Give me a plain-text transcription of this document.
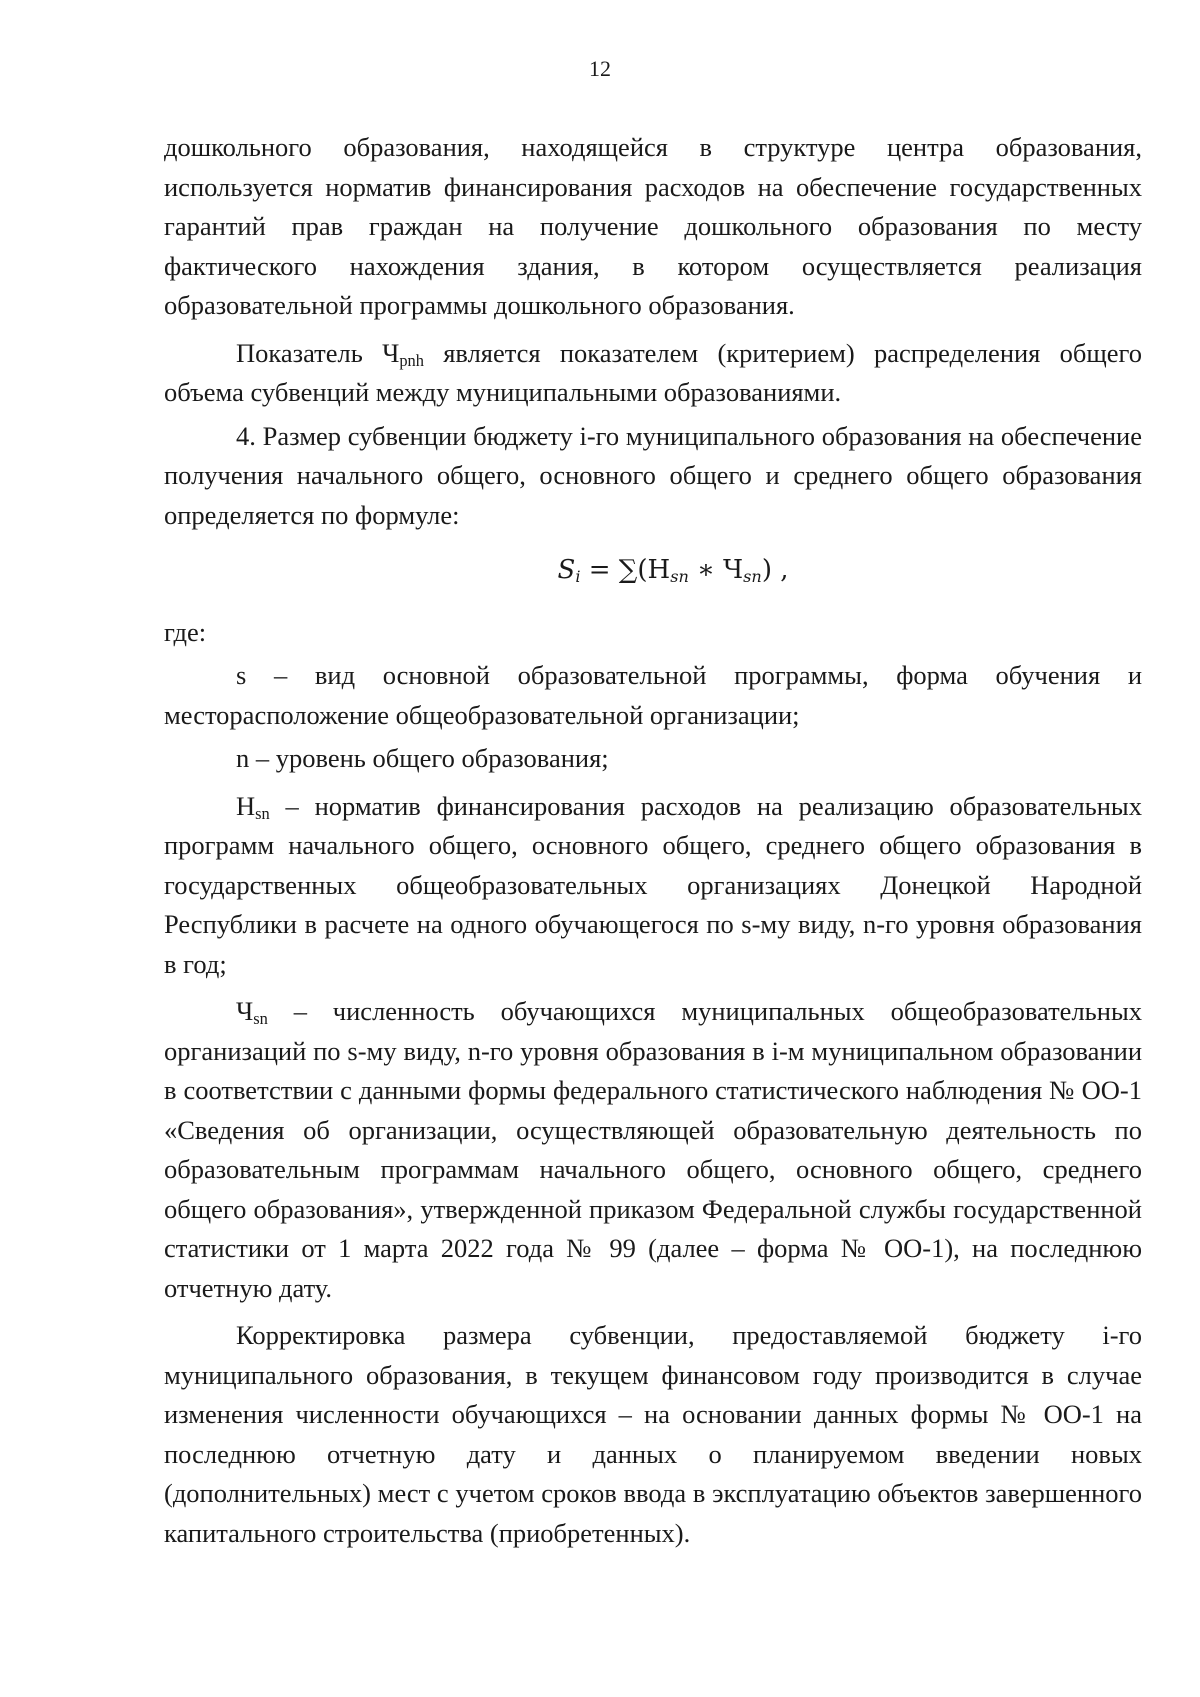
12

дошкольного образования, находящейся в структуре центра образования, используется норматив финансирования расходов на обеспечение государственных гарантий прав граждан на получение дошкольного образования по месту фактического нахождения здания, в котором осуществляется реализация образовательной программы дошкольного образования.

Показатель $Ч_{pnh}$ является показателем (критерием) распределения общего объема субвенций между муниципальными образованиями.

4. Размер субвенции бюджету i-го муниципального образования на обеспечение получения начального общего, основного общего и среднего общего образования определяется по формуле:

$S_i = \sum(Н_{sn}$ ∗ $Ч_{sn}$) ,

где:

s – вид основной образовательной программы, форма обучения и месторасположение общеобразовательной организации;

n – уровень общего образования;

$Н_{sn}$ – норматив финансирования расходов на реализацию образовательных программ начального общего, основного общего, среднего общего образования в государственных общеобразовательных организациях Донецкой Народной Республики в расчете на одного обучающегося по s-му виду, n-го уровня образования в год;

$Ч_{sn}$ – численность обучающихся муниципальных общеобразовательных организаций по s-му виду, n-го уровня образования в i-м муниципальном образовании в соответствии с данными формы федерального статистического наблюдения № ОО-1 «Сведения об организации, осуществляющей образовательную деятельность по образовательным программам начального общего, основного общего, среднего общего образования», утвержденной приказом Федеральной службы государственной статистики от 1 марта 2022 года № 99 (далее – форма № ОО-1), на последнюю отчетную дату.

Корректировка размера субвенции, предоставляемой бюджету i-го муниципального образования, в текущем финансовом году производится в случае изменения численности обучающихся – на основании данных формы № ОО-1 на последнюю отчетную дату и данных о планируемом введении новых (дополнительных) мест с учетом сроков ввода в эксплуатацию объектов завершенного капитального строительства (приобретенных).
